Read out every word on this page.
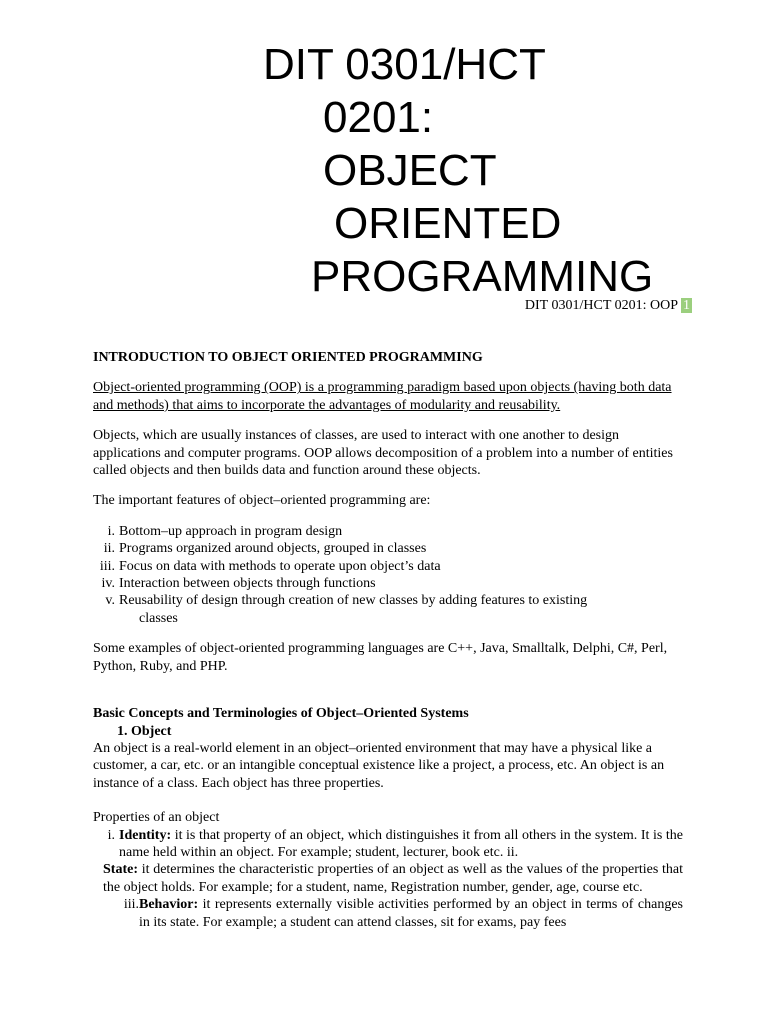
DIT 0301/HCT
0201:
OBJECT
ORIENTED
PROGRAMMING
DIT 0301/HCT 0201: OOP 1

INTRODUCTION TO OBJECT ORIENTED PROGRAMMING

Object-oriented programming (OOP) is a programming paradigm based upon objects (having both data and methods) that aims to incorporate the advantages of modularity and reusability.

Objects, which are usually instances of classes, are used to interact with one another to design applications and computer programs. OOP allows decomposition of a problem into a number of entities called objects and then builds data and function around these objects.

The important features of object–oriented programming are:

i. Bottom–up approach in program design
ii. Programs organized around objects, grouped in classes
iii. Focus on data with methods to operate upon object’s data
iv. Interaction between objects through functions
v. Reusability of design through creation of new classes by adding features to existing
classes

Some examples of object-oriented programming languages are C++, Java, Smalltalk, Delphi, C#, Perl, Python, Ruby, and PHP.

Basic Concepts and Terminologies of Object–Oriented Systems

1. Object

An object is a real-world element in an object–oriented environment that may have a physical like a customer, a car, etc. or an intangible conceptual existence like a project, a process, etc. An object is an instance of a class. Each object has three properties.

Properties of an object

i. Identity: it is that property of an object, which distinguishes it from all others in the system. It is the name held within an object. For example; student, lecturer, book etc. ii.
State: it determines the characteristic properties of an object as well as the values of the properties that the object holds. For example; for a student, name, Registration number, gender, age, course etc.
iii.Behavior: it represents externally visible activities performed by an object in terms of changes in its state. For example; a student can attend classes, sit for exams, pay fees
